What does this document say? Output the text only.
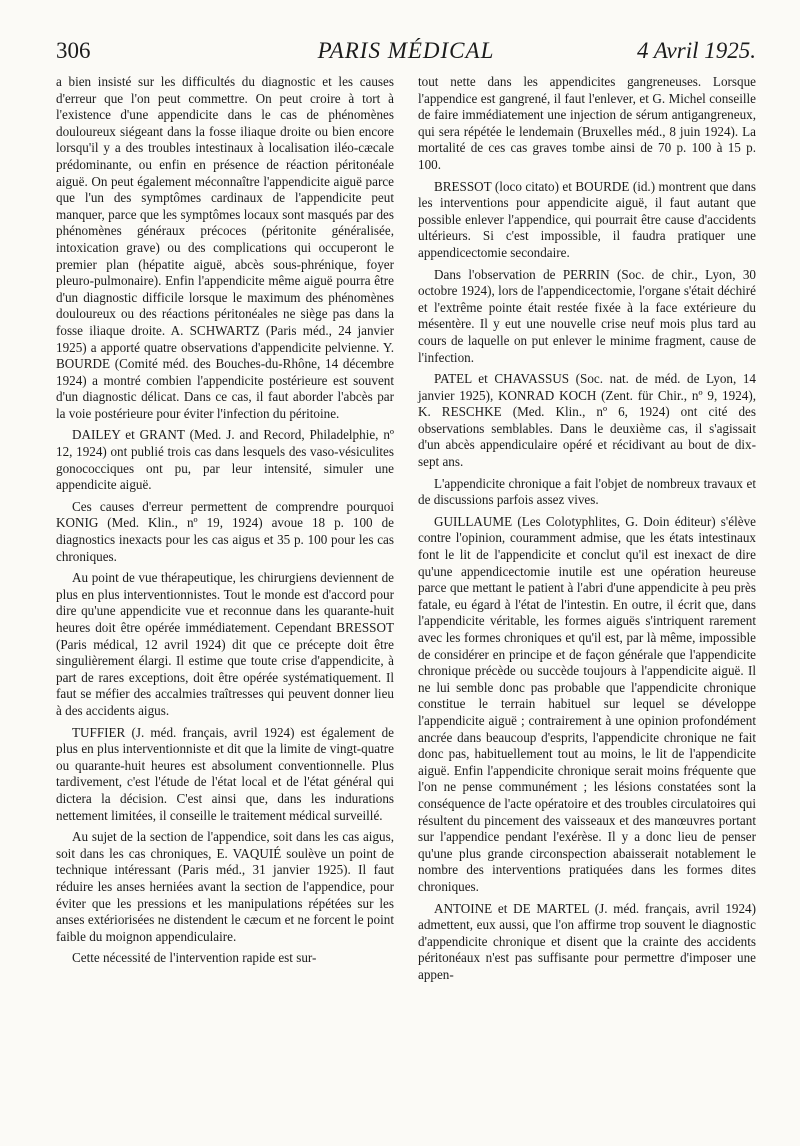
306	PARIS MÉDICAL	4 Avril 1925.

a bien insisté sur les difficultés du diagnostic et les causes d'erreur que l'on peut commettre. On peut croire à tort à l'existence d'une appendicite dans le cas de phénomènes douloureux siégeant dans la fosse iliaque droite ou bien encore lorsqu'il y a des troubles intestinaux à localisation iléo-cæcale prédominante, ou enfin en présence de réaction péritonéale aiguë. On peut également méconnaître l'appendicite aiguë parce que l'un des symptômes cardinaux de l'appendicite peut manquer, parce que les symptômes locaux sont masqués par des phénomènes généraux précoces (péritonite généralisée, intoxication grave) ou des complications qui occuperont le premier plan (hépatite aiguë, abcès sous-phrénique, foyer pleuro-pulmonaire). Enfin l'appendicite même aiguë pourra être d'un diagnostic difficile lorsque le maximum des phénomènes douloureux ou des réactions péritonéales ne siège pas dans la fosse iliaque droite. A. SCHWARTZ (Paris méd., 24 janvier 1925) a apporté quatre observations d'appendicite pelvienne. Y. BOURDE (Comité méd. des Bouches-du-Rhône, 14 décembre 1924) a montré combien l'appendicite postérieure est souvent d'un diagnostic délicat. Dans ce cas, il faut aborder l'abcès par la voie postérieure pour éviter l'infection du péritoine.

DAILEY et GRANT (Med. J. and Record, Philadelphie, nº 12, 1924) ont publié trois cas dans lesquels des vaso-vésiculites gonococciques ont pu, par leur intensité, simuler une appendicite aiguë.

Ces causes d'erreur permettent de comprendre pourquoi KONIG (Med. Klin., nº 19, 1924) avoue 18 p. 100 de diagnostics inexacts pour les cas aigus et 35 p. 100 pour les cas chroniques.

Au point de vue thérapeutique, les chirurgiens deviennent de plus en plus interventionnistes. Tout le monde est d'accord pour dire qu'une appendicite vue et reconnue dans les quarante-huit heures doit être opérée immédiatement. Cependant BRESSOT (Paris médical, 12 avril 1924) dit que ce précepte doit être singulièrement élargi. Il estime que toute crise d'appendicite, à part de rares exceptions, doit être opérée systématiquement. Il faut se méfier des accalmies traîtresses qui peuvent donner lieu à des accidents aigus.

TUFFIER (J. méd. français, avril 1924) est également de plus en plus interventionniste et dit que la limite de vingt-quatre ou quarante-huit heures est absolument conventionnelle. Plus tardivement, c'est l'étude de l'état local et de l'état général qui dictera la décision. C'est ainsi que, dans les indurations nettement limitées, il conseille le traitement médical surveillé.

Au sujet de la section de l'appendice, soit dans les cas aigus, soit dans les cas chroniques, E. VAQUIÉ soulève un point de technique intéressant (Paris méd., 31 janvier 1925). Il faut réduire les anses herniées avant la section de l'appendice, pour éviter que les pressions et les manipulations répétées sur les anses extériorisées ne distendent le cæcum et ne forcent le point faible du moignon appendiculaire.

Cette nécessité de l'intervention rapide est sur-

tout nette dans les appendicites gangreneuses. Lorsque l'appendice est gangrené, il faut l'enlever, et G. Michel conseille de faire immédiatement une injection de sérum antigangreneux, qui sera répétée le lendemain (Bruxelles méd., 8 juin 1924). La mortalité de ces cas graves tombe ainsi de 70 p. 100 à 15 p. 100.

BRESSOT (loco citato) et BOURDE (id.) montrent que dans les interventions pour appendicite aiguë, il faut autant que possible enlever l'appendice, qui pourrait être cause d'accidents ultérieurs. Si c'est impossible, il faudra pratiquer une appendicectomie secondaire.

Dans l'observation de PERRIN (Soc. de chir., Lyon, 30 octobre 1924), lors de l'appendicectomie, l'organe s'était déchiré et l'extrême pointe était restée fixée à la face extérieure du mésentère. Il y eut une nouvelle crise neuf mois plus tard au cours de laquelle on put enlever le minime fragment, cause de l'infection.

PATEL et CHAVASSUS (Soc. nat. de méd. de Lyon, 14 janvier 1925), KONRAD KOCH (Zent. für Chir., nº 9, 1924), K. RESCHKE (Med. Klin., nº 6, 1924) ont cité des observations semblables. Dans le deuxième cas, il s'agissait d'un abcès appendiculaire opéré et récidivant au bout de dix-sept ans.

L'appendicite chronique a fait l'objet de nombreux travaux et de discussions parfois assez vives.

GUILLAUME (Les Colotyphlites, G. Doin éditeur) s'élève contre l'opinion, couramment admise, que les états intestinaux font le lit de l'appendicite et conclut qu'il est inexact de dire qu'une appendicectomie inutile est une opération heureuse parce que mettant le patient à l'abri d'une appendicite à peu près fatale, eu égard à l'état de l'intestin. En outre, il écrit que, dans l'appendicite véritable, les formes aiguës s'intriquent rarement avec les formes chroniques et qu'il est, par là même, impossible de considérer en principe et de façon générale que l'appendicite chronique précède ou succède toujours à l'appendicite aiguë. Il ne lui semble donc pas probable que l'appendicite chronique constitue le terrain habituel sur lequel se développe l'appendicite aiguë ; contrairement à une opinion profondément ancrée dans beaucoup d'esprits, l'appendicite chronique ne fait donc pas, habituellement tout au moins, le lit de l'appendicite aiguë. Enfin l'appendicite chronique serait moins fréquente que l'on ne pense communément ; les lésions constatées sont la conséquence de l'acte opératoire et des troubles circulatoires qui résultent du pincement des vaisseaux et des manœuvres portant sur l'appendice pendant l'exérèse. Il y a donc lieu de penser qu'une plus grande circonspection abaisserait notablement le nombre des interventions pratiquées dans les formes dites chroniques.

ANTOINE et DE MARTEL (J. méd. français, avril 1924) admettent, eux aussi, que l'on affirme trop souvent le diagnostic d'appendicite chronique et disent que la crainte des accidents péritonéaux n'est pas suffisante pour permettre d'imposer une appen-
